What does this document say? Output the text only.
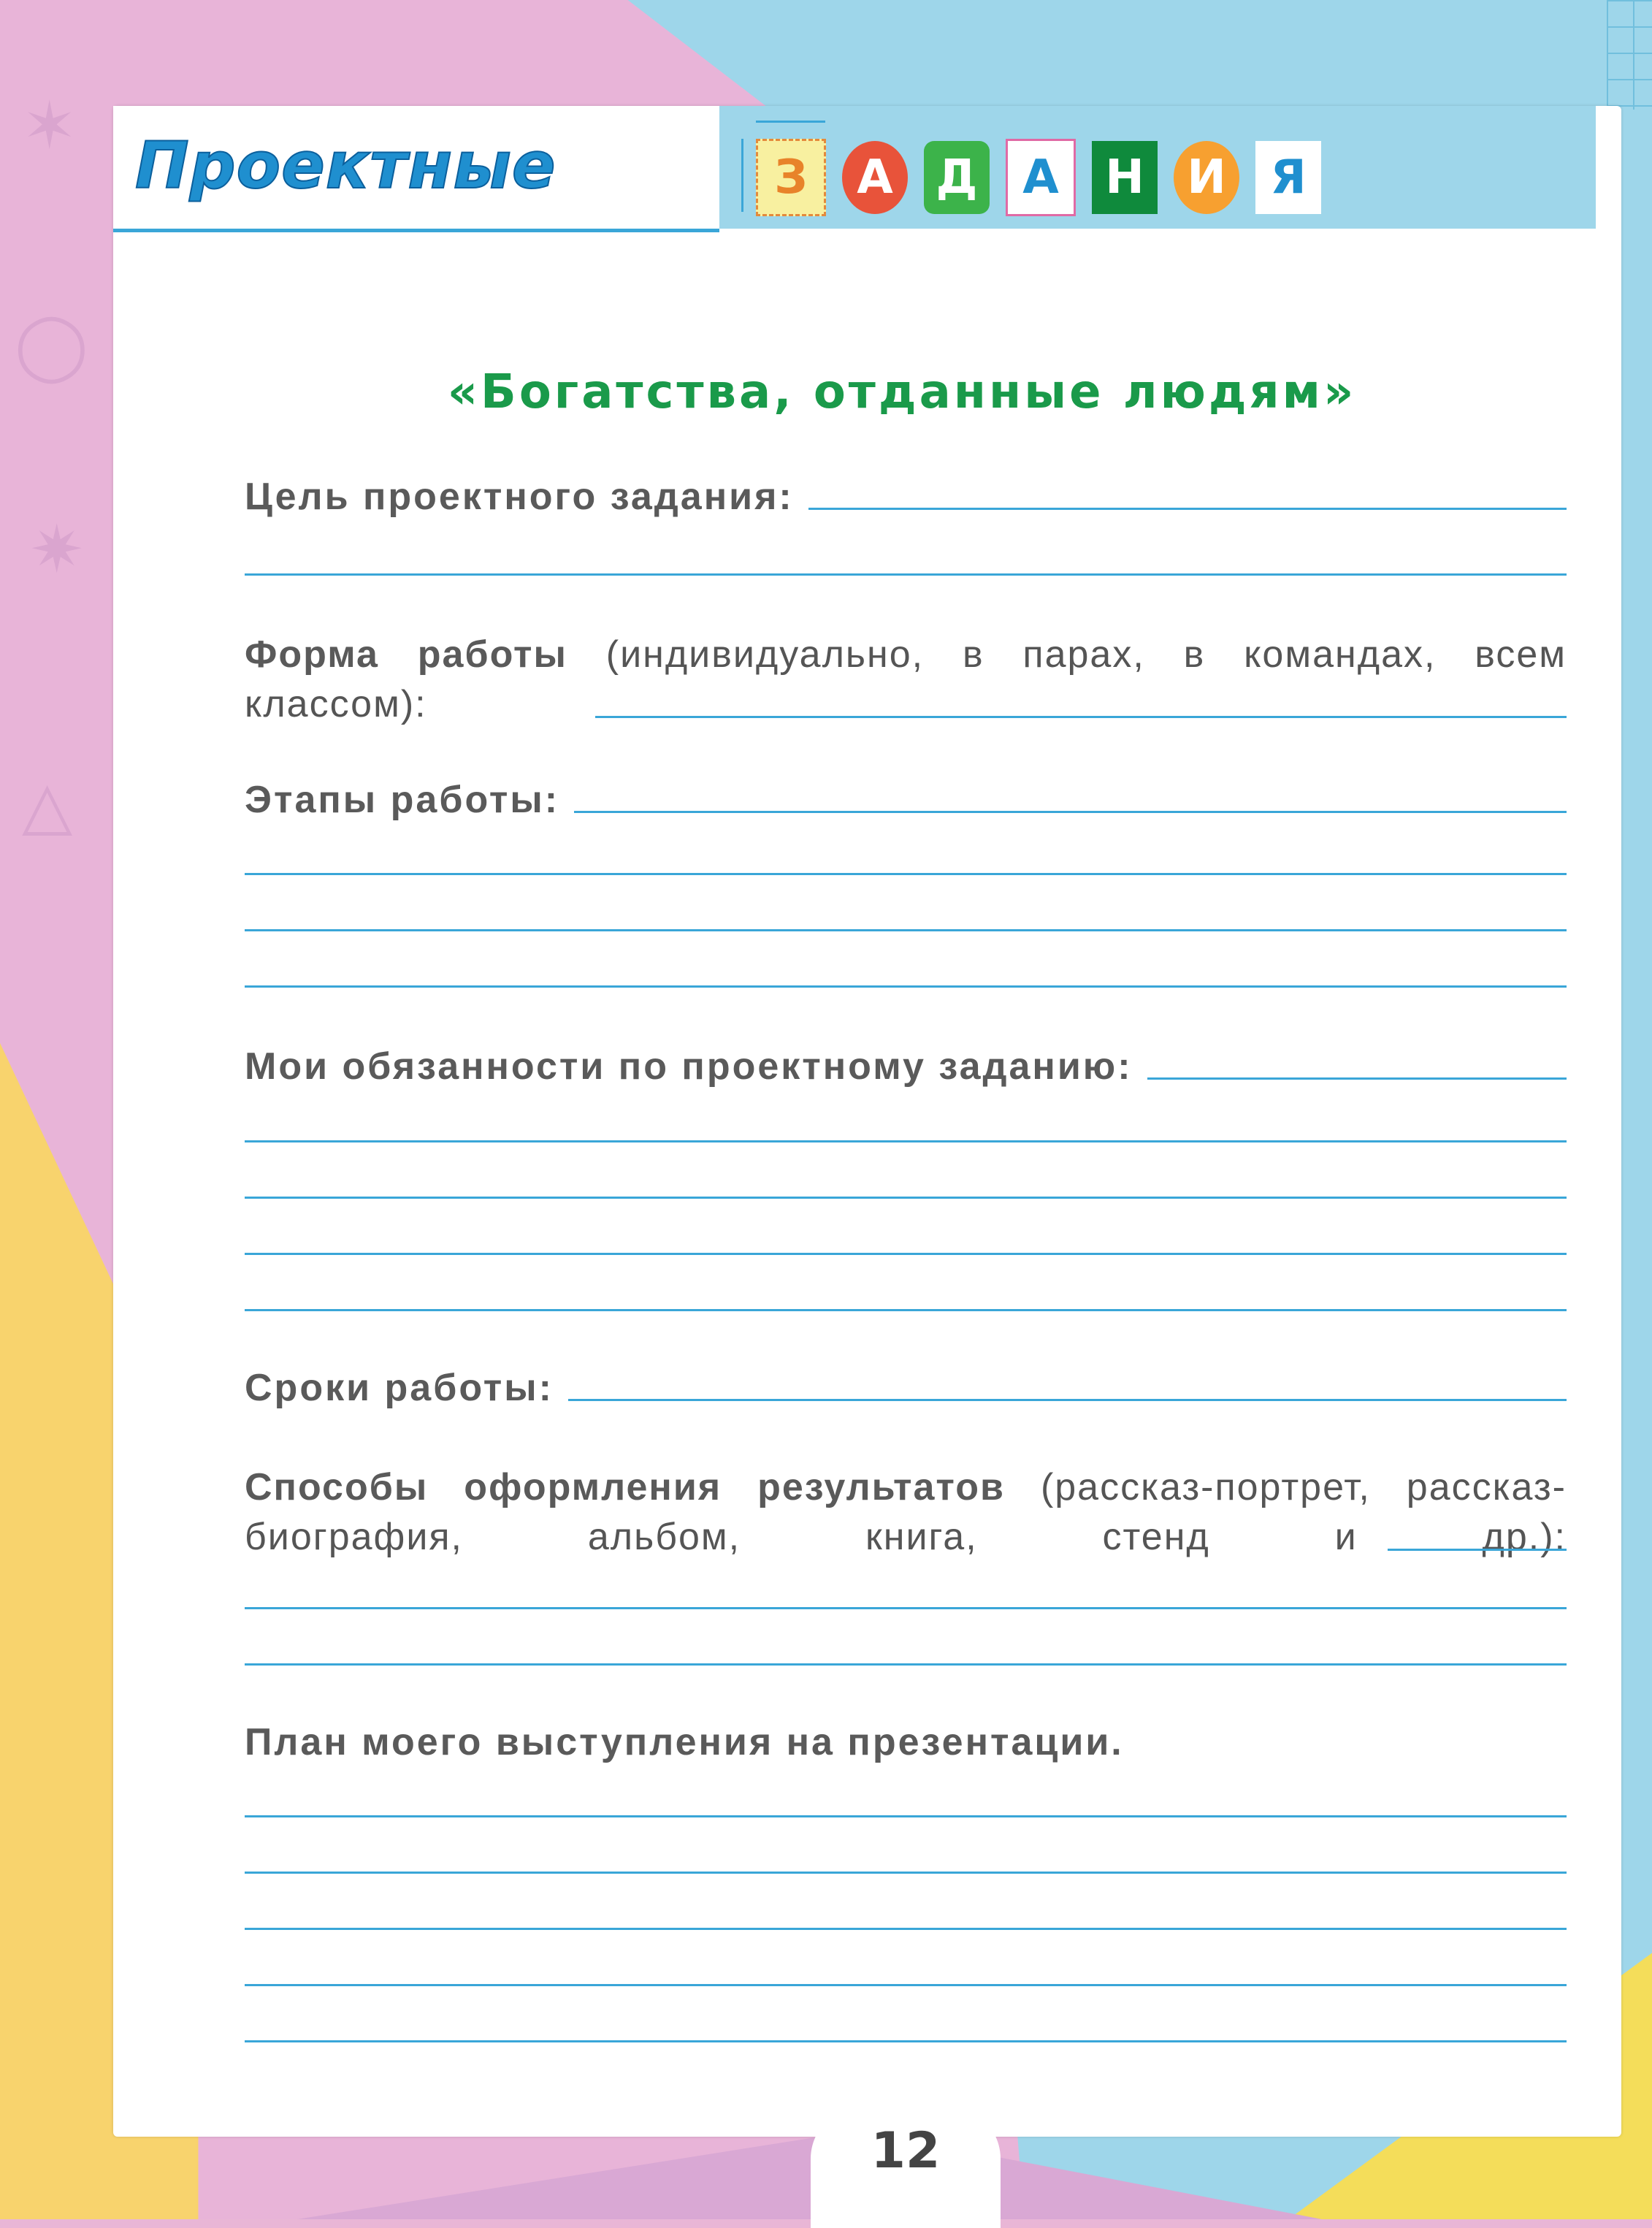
✶
◯
✷
△
Проектные	З	А Д А Н И Я
«Богатства, отданные людям»
Цель проектного задания:
Форма работы (индивидуально, в парах, в командах, всем классом):
Этапы работы:
Мои обязанности по проектному заданию:
Сроки работы:
Способы оформления результатов (рассказ-портрет, рассказ-биография, альбом, книга, стенд и др.):
План моего выступления на презентации.
12
